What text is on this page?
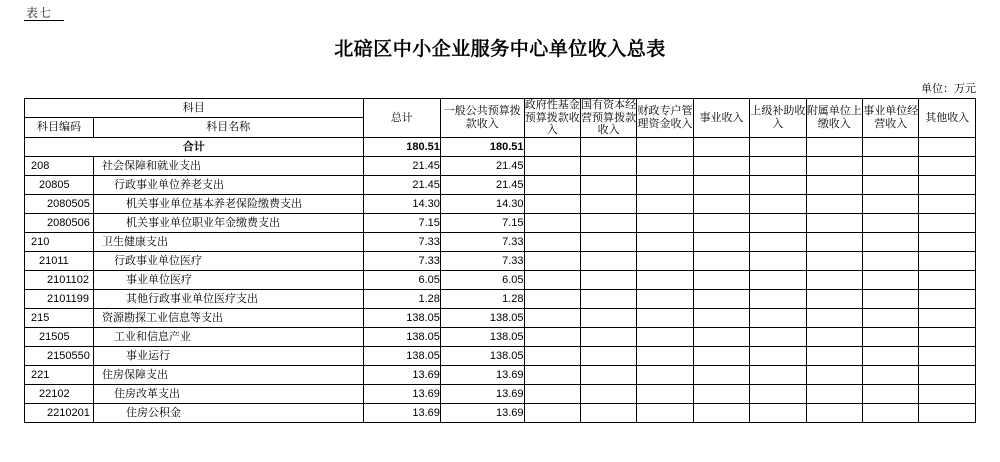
表七
北碚区中小企业服务中心单位收入总表
单位：万元
科目		总计	一般公共预算拨款收入	政府性基金预算拨款收入	国有资本经营预算拨款收入	财政专户管理资金收入	事业收入	上级补助收入	附属单位上缴收入	事业单位经营收入	其他收入
科目编码	科目名称										
合计		180.51	180.51								
208	社会保障和就业支出	21.45	21.45								
20805	行政事业单位养老支出	21.45	21.45								
2080505	机关事业单位基本养老保险缴费支出	14.30	14.30								
2080506	机关事业单位职业年金缴费支出	7.15	7.15								
210	卫生健康支出	7.33	7.33								
21011	行政事业单位医疗	7.33	7.33								
2101102	事业单位医疗	6.05	6.05								
2101199	其他行政事业单位医疗支出	1.28	1.28								
215	资源勘探工业信息等支出	138.05	138.05								
21505	工业和信息产业	138.05	138.05								
2150550	事业运行	138.05	138.05								
221	住房保障支出	13.69	13.69								
22102	住房改革支出	13.69	13.69								
2210201	住房公积金	13.69	13.69								
